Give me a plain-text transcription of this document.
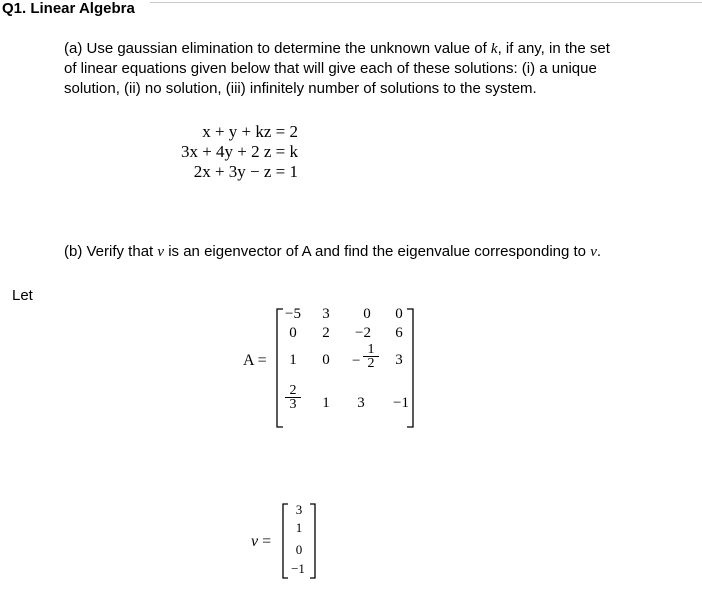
Q1. Linear Algebra
(a) Use gaussian elimination to determine the unknown value of k, if any, in the set
of linear equations given below that will give each of these solutions: (i) a unique
solution, (ii) no solution, (iii) infinitely number of solutions to the system.
x + y + kz = 2
3x + 4y + 2 z = k
2x + 3y − z = 1
(b) Verify that v is an eigenvector of A and find the eigenvalue corresponding to v.
Let
A =
−5	3	0	0
0	2	−2	6
1	0	− $\frac{1}{2}$	3
$\frac{2}{3}$	1	3	−1
v =
3
1
0
−1
